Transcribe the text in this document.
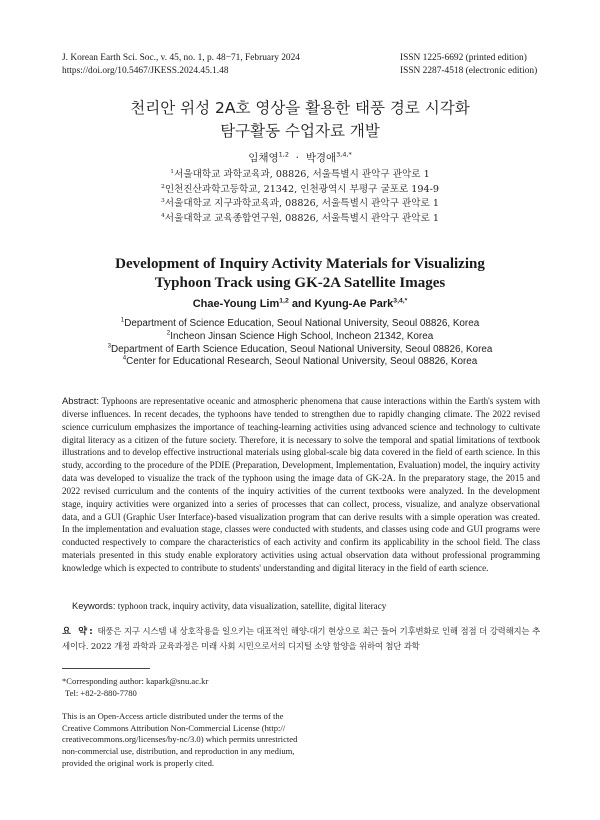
J. Korean Earth Sci. Soc., v. 45, no. 1, p. 48−71, February 2024
https://doi.org/10.5467/JKESS.2024.45.1.48
ISSN 1225-6692 (printed edition)
ISSN 2287-4518 (electronic edition)
천리안 위성 2A호 영상을 활용한 태풍 경로 시각화
탐구활동 수업자료 개발
임채영$^{1,2}$ · 박경애$^{3,4,*}$
$^1$서울대학교 과학교육과, 08826, 서울특별시 관악구 관악로 1
$^2$인천진산과학고등학교, 21342, 인천광역시 부평구 굴포로 194-9
$^3$서울대학교 지구과학교육과, 08826, 서울특별시 관악구 관악로 1
$^4$서울대학교 교육종합연구원, 08826, 서울특별시 관악구 관악로 1
Development of Inquiry Activity Materials for Visualizing
Typhoon Track using GK-2A Satellite Images
Chae-Young Lim$^{1,2}$ and Kyung-Ae Park$^{3,4,*}$
$^1$Department of Science Education, Seoul National University, Seoul 08826, Korea
$^2$Incheon Jinsan Science High School, Incheon 21342, Korea
$^3$Department of Earth Science Education, Seoul National University, Seoul 08826, Korea
$^4$Center for Educational Research, Seoul National University, Seoul 08826, Korea
Abstract: Typhoons are representative oceanic and atmospheric phenomena that cause interactions within the Earth's system with diverse influences. In recent decades, the typhoons have tended to strengthen due to rapidly changing climate. The 2022 revised science curriculum emphasizes the importance of teaching-learning activities using advanced science and technology to cultivate digital literacy as a citizen of the future society. Therefore, it is necessary to solve the temporal and spatial limitations of textbook illustrations and to develop effective instructional materials using global-scale big data covered in the field of earth science. In this study, according to the procedure of the PDIE (Preparation, Development, Implementation, Evaluation) model, the inquiry activity data was developed to visualize the track of the typhoon using the image data of GK-2A. In the preparatory stage, the 2015 and 2022 revised curriculum and the contents of the inquiry activities of the current textbooks were analyzed. In the development stage, inquiry activities were organized into a series of processes that can collect, process, visualize, and analyze observational data, and a GUI (Graphic User Interface)-based visualization program that can derive results with a simple operation was created. In the implementation and evaluation stage, classes were conducted with students, and classes using code and GUI programs were conducted respectively to compare the characteristics of each activity and confirm its applicability in the school field. The class materials presented in this study enable exploratory activities using actual observation data without professional programming knowledge which is expected to contribute to students' understanding and digital literacy in the field of earth science.
Keywords: typhoon track, inquiry activity, data visualization, satellite, digital literacy
요 약: 태풍은 지구 시스템 내 상호작용을 일으키는 대표적인 해양-대기 현상으로 최근 들어 기후변화로 인해 점점 더 강력해지는 추세이다. 2022 개정 과학과 교육과정은 미래 사회 시민으로서의 디지털 소양 함양을 위하여 첨단 과학
*Corresponding author: kapark@snu.ac.kr
Tel: +82-2-880-7780
This is an Open-Access article distributed under the terms of the
Creative Commons Attribution Non-Commercial License (http://
creativecommons.org/licenses/by-nc/3.0) which permits unrestricted
non-commercial use, distribution, and reproduction in any medium,
provided the original work is properly cited.
